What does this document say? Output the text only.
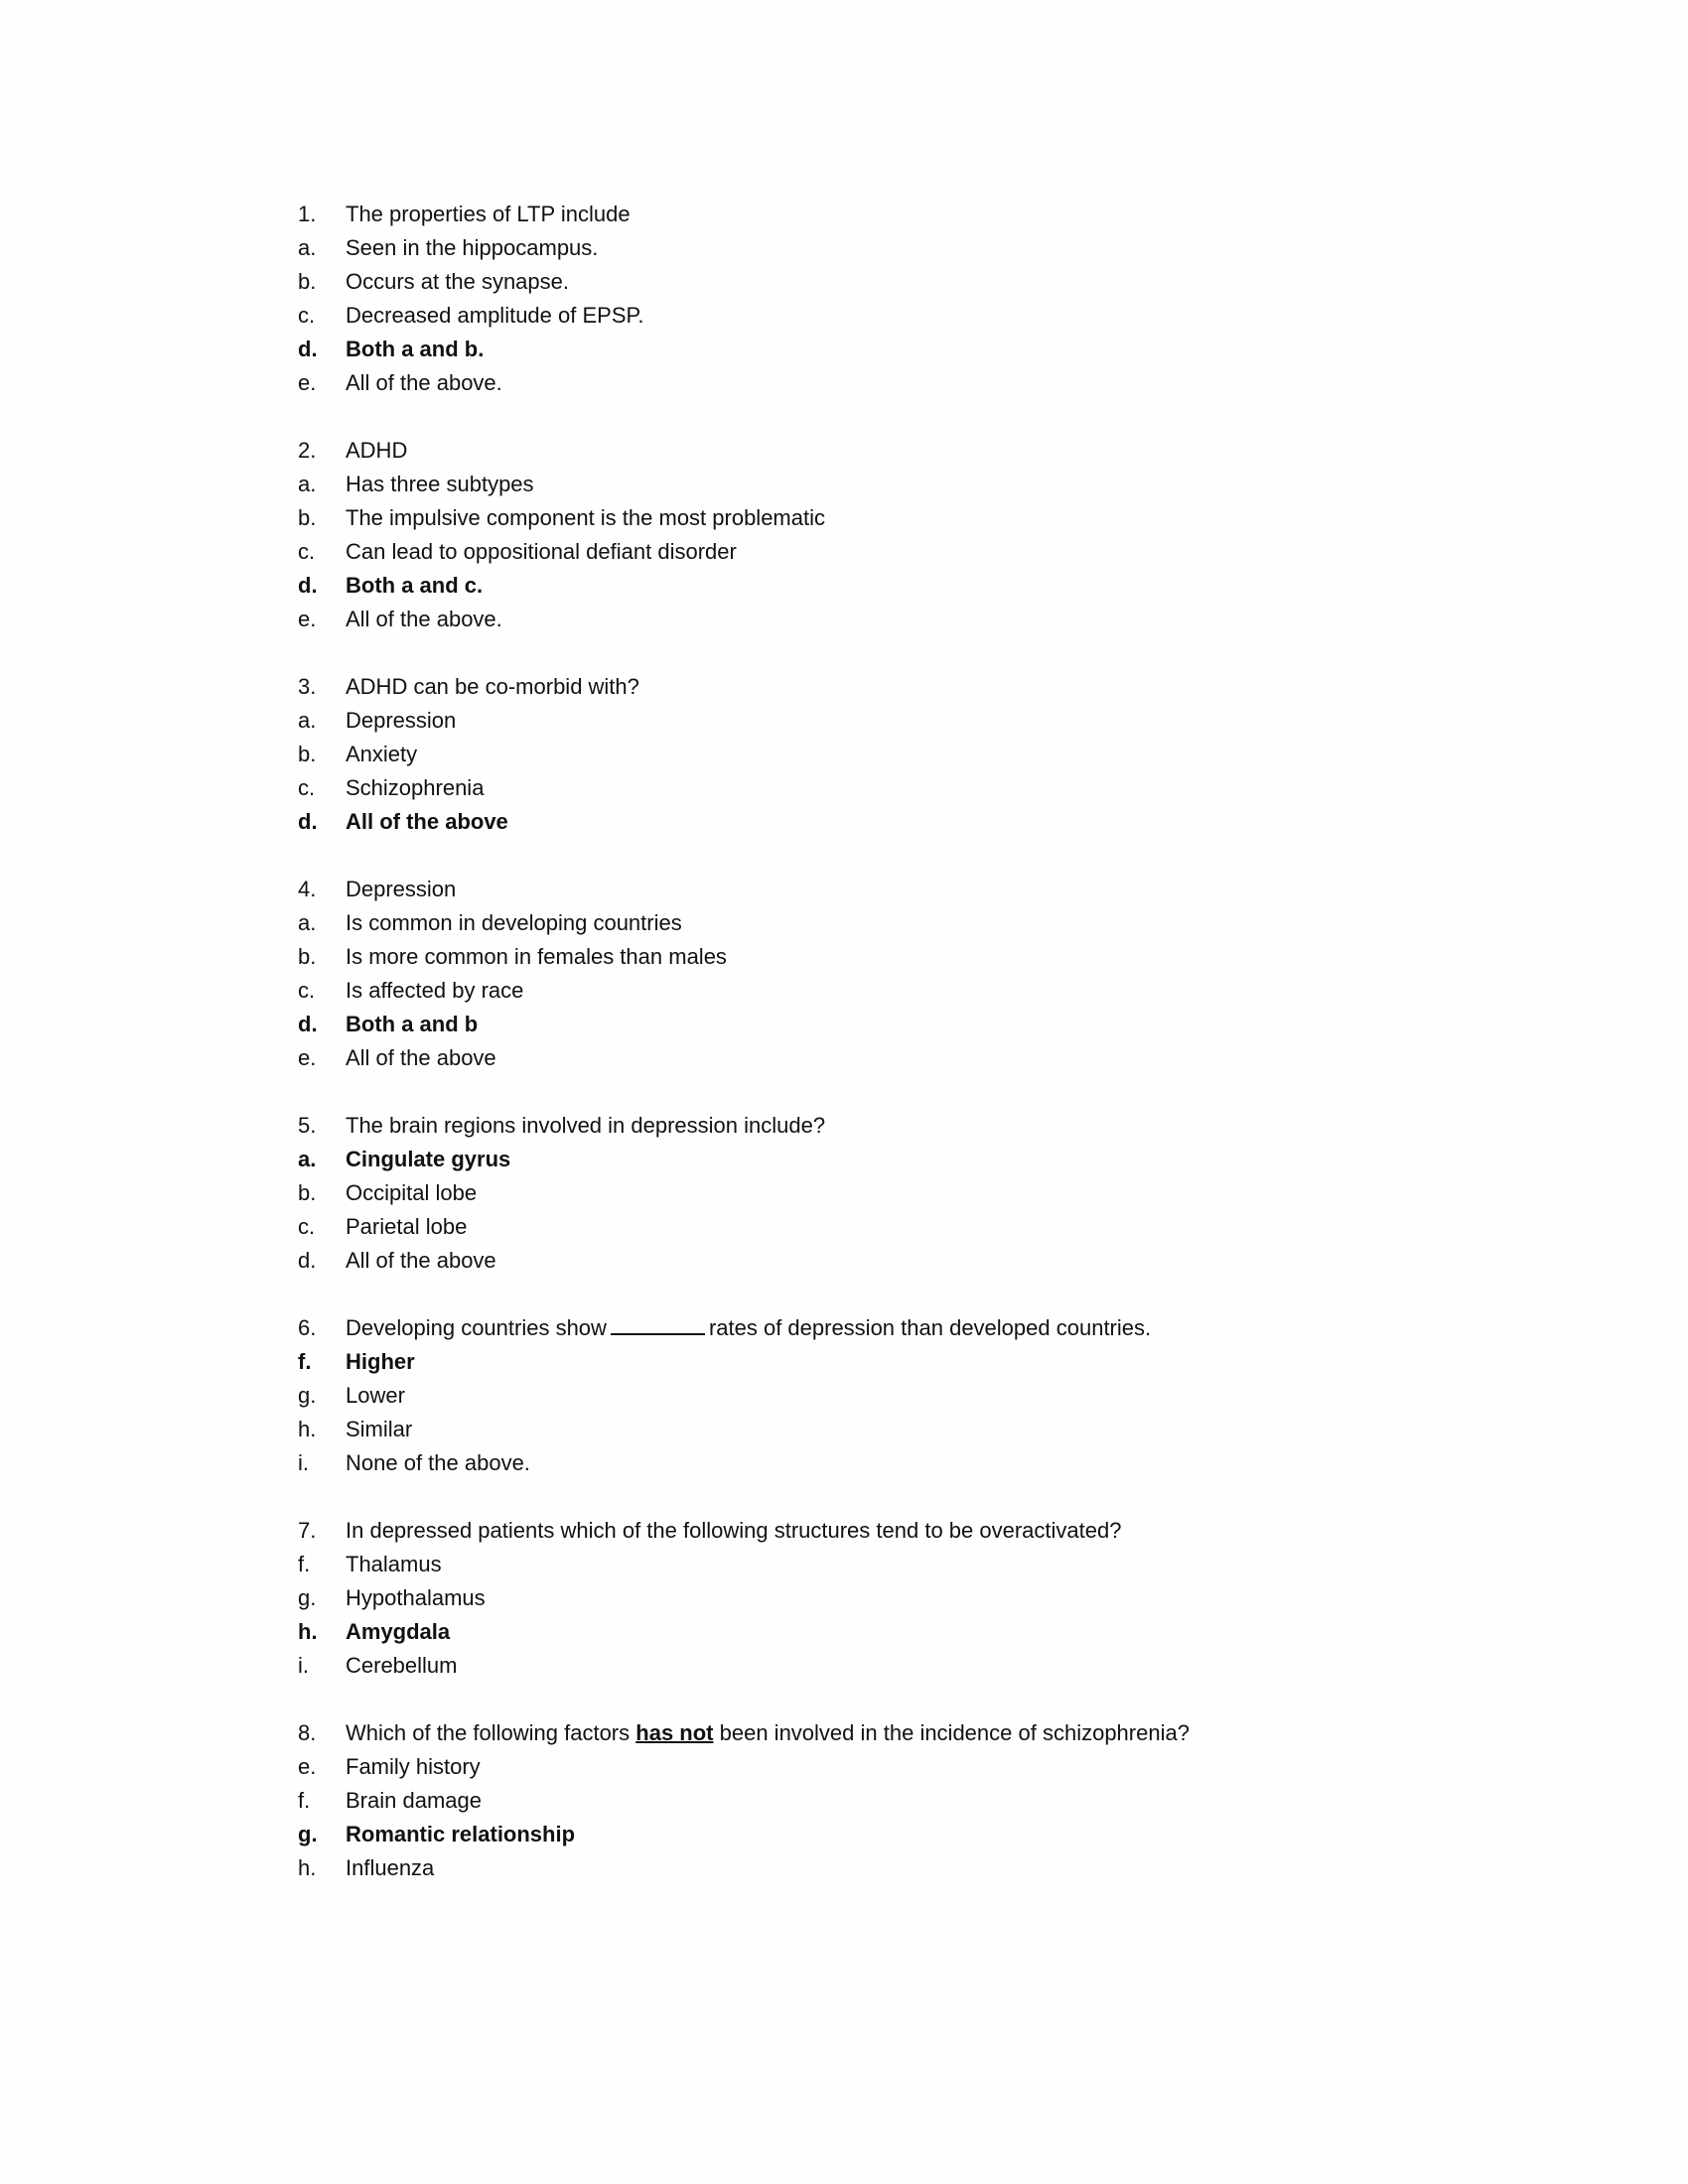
1.	The properties of LTP include
a.	Seen in the hippocampus.
b.	Occurs at the synapse.
c.	Decreased amplitude of EPSP.
d.	Both a and b.
e.	All of the above.
2.	ADHD
a.	Has three subtypes
b.	The impulsive component is the most problematic
c.	Can lead to oppositional defiant disorder
d.	Both a and c.
e.	All of the above.
3.	ADHD can be co-morbid with?
a.	Depression
b.	Anxiety
c.	Schizophrenia
d.	All of the above
4.	Depression
a.	Is common in developing countries
b.	Is more common in females than males
c.	Is affected by race
d.	Both a and b
e.	All of the above
5.	The brain regions involved in depression include?
a.	Cingulate gyrus
b.	Occipital lobe
c.	Parietal lobe
d.	All of the above
6.	Developing countries show	rates of depression than developed countries.
f.	Higher
g.	Lower
h.	Similar
i.	None of the above.
7.	In depressed patients which of the following structures tend to be overactivated?
f.	Thalamus
g.	Hypothalamus
h.	Amygdala
i.	Cerebellum
8.	Which of the following factors has not been involved in the incidence of schizophrenia?
e.	Family history
f.	Brain damage
g.	Romantic relationship
h.	Influenza
